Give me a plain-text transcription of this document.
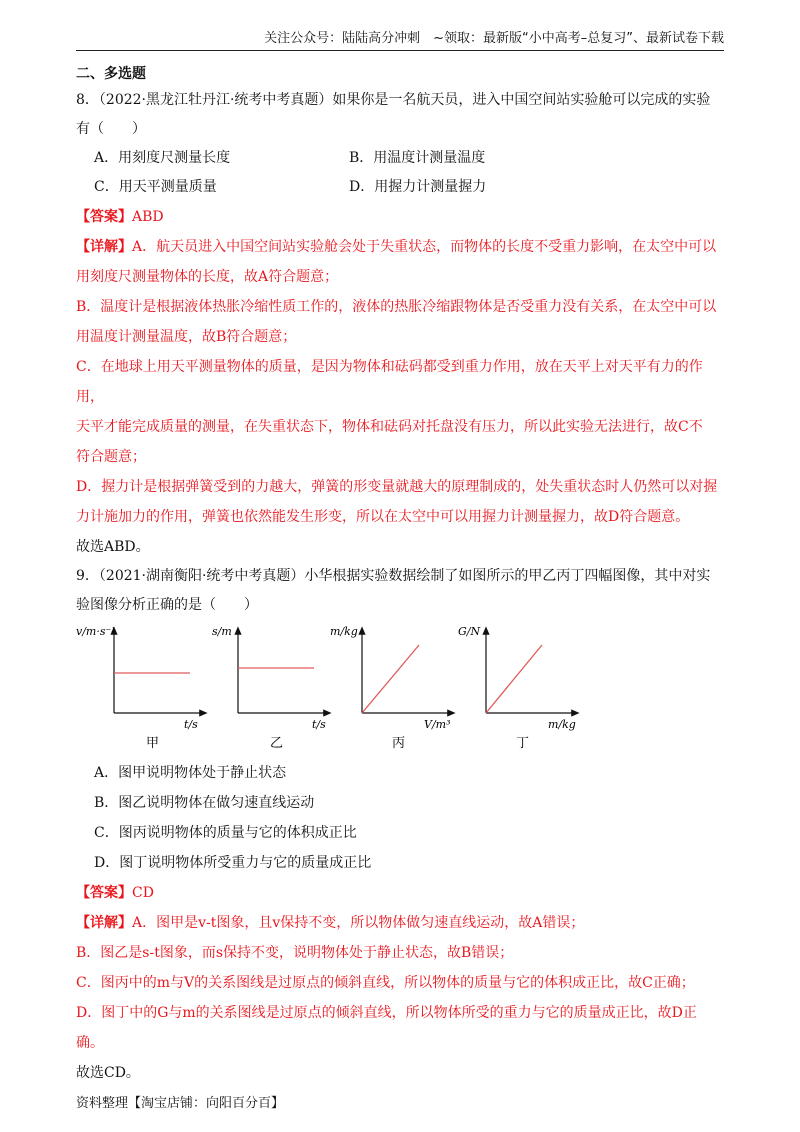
关注公众号：陆陆高分冲刺　~领取：最新版“小中高考–总复习”、最新试卷下载
二、多选题
8．（2022·黑龙江牡丹江·统考中考真题）如果你是一名航天员，进入中国空间站实验舱可以完成的实验
有（　　）
A．用刻度尺测量长度	B．用温度计测量温度
C．用天平测量质量	D．用握力计测量握力
【答案】ABD
【详解】A．航天员进入中国空间站实验舱会处于失重状态，而物体的长度不受重力影响，在太空中可以
用刻度尺测量物体的长度，故A符合题意；
B．温度计是根据液体热胀冷缩性质工作的，液体的热胀冷缩跟物体是否受重力没有关系，在太空中可以
用温度计测量温度，故B符合题意；
C．在地球上用天平测量物体的质量，是因为物体和砝码都受到重力作用，放在天平上对天平有力的作用，
天平才能完成质量的测量，在失重状态下，物体和砝码对托盘没有压力，所以此实验无法进行，故C不
符合题意；
D．握力计是根据弹簧受到的力越大，弹簧的形变量就越大的原理制成的，处失重状态时人仍然可以对握
力计施加力的作用，弹簧也依然能发生形变，所以在太空中可以用握力计测量握力，故D符合题意。
故选ABD。
9．（2021·湖南衡阳·统考中考真题）小华根据实验数据绘制了如图所示的甲乙丙丁四幅图像，其中对实
验图像分析正确的是（　　）
v/m·s⁻¹
t/s
甲
s/m
t/s
乙
m/kg
V/m³
丙
G/N
m/kg
丁
A．图甲说明物体处于静止状态
B．图乙说明物体在做匀速直线运动
C．图丙说明物体的质量与它的体积成正比
D．图丁说明物体所受重力与它的质量成正比
【答案】CD
【详解】A．图甲是v-t图象，且v保持不变，所以物体做匀速直线运动，故A错误；
B．图乙是s-t图象，而s保持不变，说明物体处于静止状态，故B错误；
C．图丙中的m与V的关系图线是过原点的倾斜直线，所以物体的质量与它的体积成正比，故C正确；
D．图丁中的G与m的关系图线是过原点的倾斜直线，所以物体所受的重力与它的质量成正比，故D正
确。
故选CD。
资料整理【淘宝店铺：向阳百分百】
